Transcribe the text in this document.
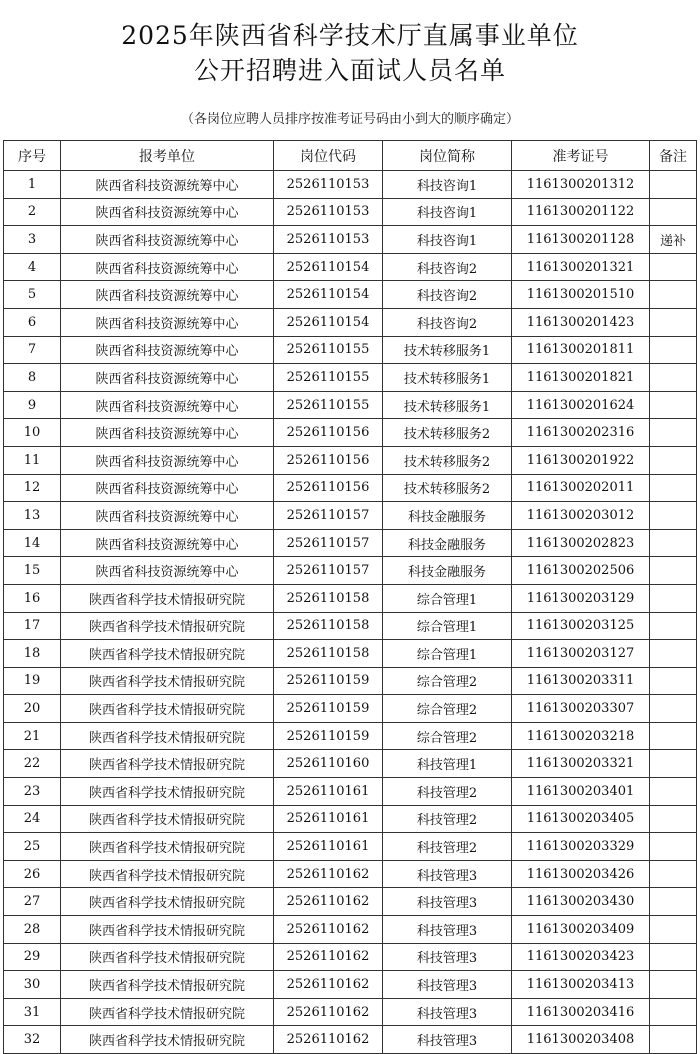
2025年陕西省科学技术厅直属事业单位
公开招聘进入面试人员名单
（各岗位应聘人员排序按准考证号码由小到大的顺序确定）
序号	报考单位	岗位代码	岗位简称	准考证号	备注
1	陕西省科技资源统筹中心	2526110153	科技咨询1	1161300201312	
2	陕西省科技资源统筹中心	2526110153	科技咨询1	1161300201122	
3	陕西省科技资源统筹中心	2526110153	科技咨询1	1161300201128	递补
4	陕西省科技资源统筹中心	2526110154	科技咨询2	1161300201321	
5	陕西省科技资源统筹中心	2526110154	科技咨询2	1161300201510	
6	陕西省科技资源统筹中心	2526110154	科技咨询2	1161300201423	
7	陕西省科技资源统筹中心	2526110155	技术转移服务1	1161300201811	
8	陕西省科技资源统筹中心	2526110155	技术转移服务1	1161300201821	
9	陕西省科技资源统筹中心	2526110155	技术转移服务1	1161300201624	
10	陕西省科技资源统筹中心	2526110156	技术转移服务2	1161300202316	
11	陕西省科技资源统筹中心	2526110156	技术转移服务2	1161300201922	
12	陕西省科技资源统筹中心	2526110156	技术转移服务2	1161300202011	
13	陕西省科技资源统筹中心	2526110157	科技金融服务	1161300203012	
14	陕西省科技资源统筹中心	2526110157	科技金融服务	1161300202823	
15	陕西省科技资源统筹中心	2526110157	科技金融服务	1161300202506	
16	陕西省科学技术情报研究院	2526110158	综合管理1	1161300203129	
17	陕西省科学技术情报研究院	2526110158	综合管理1	1161300203125	
18	陕西省科学技术情报研究院	2526110158	综合管理1	1161300203127	
19	陕西省科学技术情报研究院	2526110159	综合管理2	1161300203311	
20	陕西省科学技术情报研究院	2526110159	综合管理2	1161300203307	
21	陕西省科学技术情报研究院	2526110159	综合管理2	1161300203218	
22	陕西省科学技术情报研究院	2526110160	科技管理1	1161300203321	
23	陕西省科学技术情报研究院	2526110161	科技管理2	1161300203401	
24	陕西省科学技术情报研究院	2526110161	科技管理2	1161300203405	
25	陕西省科学技术情报研究院	2526110161	科技管理2	1161300203329	
26	陕西省科学技术情报研究院	2526110162	科技管理3	1161300203426	
27	陕西省科学技术情报研究院	2526110162	科技管理3	1161300203430	
28	陕西省科学技术情报研究院	2526110162	科技管理3	1161300203409	
29	陕西省科学技术情报研究院	2526110162	科技管理3	1161300203423	
30	陕西省科学技术情报研究院	2526110162	科技管理3	1161300203413	
31	陕西省科学技术情报研究院	2526110162	科技管理3	1161300203416	
32	陕西省科学技术情报研究院	2526110162	科技管理3	1161300203408	
